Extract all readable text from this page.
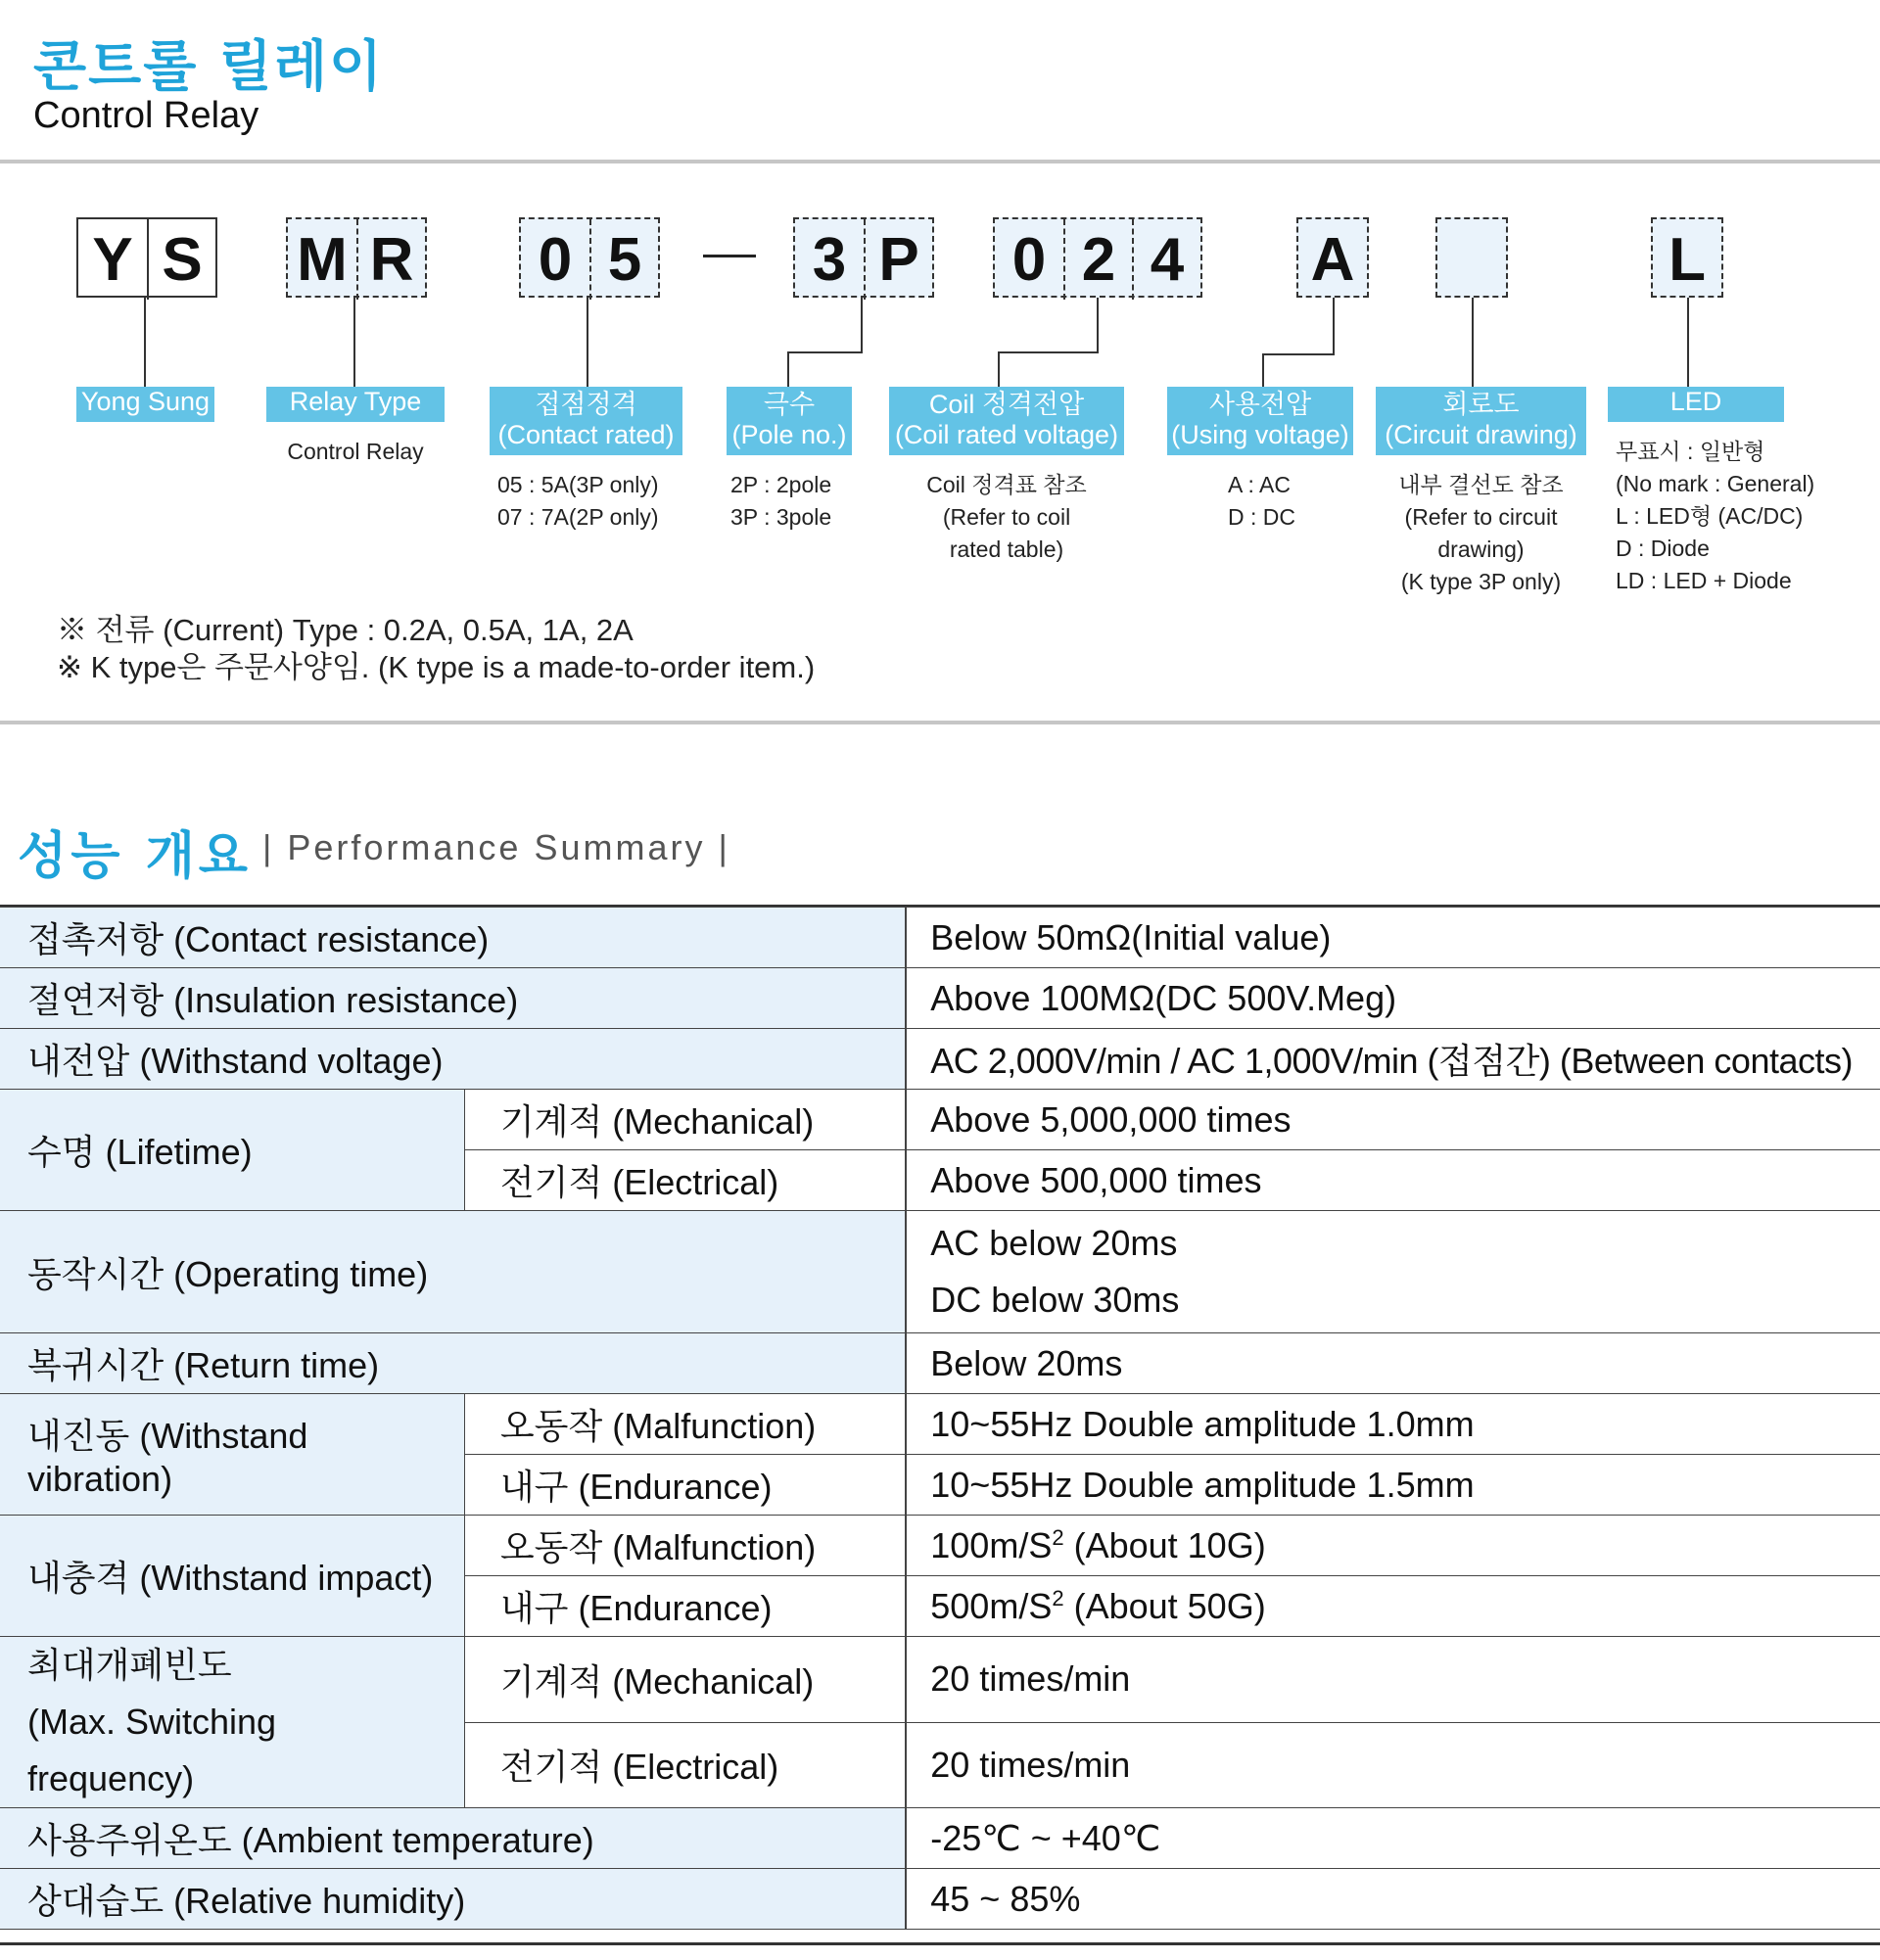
콘트롤 릴레이
Control Relay
Y S M R 0 5	3 P 0 2 4 A	L
Yong Sung	Relay Type	접점정격
(Contact rated)
극수
(Pole no.)
Coil 정격전압
(Coil rated voltage)
사용전압
(Using voltage)
회로도
(Circuit drawing)
LED
Control Relay
05 : 5A(3P only)
07 : 7A(2P only)
2P : 2pole
3P : 3pole
Coil 정격표 참조
(Refer to coil
rated table)
A : AC
D : DC
내부 결선도 참조
(Refer to circuit
drawing)
(K type 3P only)
무표시 : 일반형
(No mark : General)
L : LED형 (AC/DC)
D : Diode
LD : LED + Diode
※ 전류 (Current) Type : 0.2A, 0.5A, 1A, 2A
※ K type은 주문사양임. (K type is a made-to-order item.)
성능 개요 | Performance Summary |
접촉저항 (Contact resistance)		Below 50mΩ(Initial value)
절연저항 (Insulation resistance)		Above 100MΩ(DC 500V.Meg)
내전압 (Withstand voltage)		AC 2,000V/min / AC 1,000V/min (접점간) (Between contacts)
수명 (Lifetime)	기계적 (Mechanical)	Above 5,000,000 times
	전기적 (Electrical)	Above 500,000 times
동작시간 (Operating time)		AC below 20ms
DC below 30ms

복귀시간 (Return time)		Below 20ms
내진동 (Withstand vibration)	오동작 (Malfunction)	10~55Hz Double amplitude 1.0mm
	내구 (Endurance)	10~55Hz Double amplitude 1.5mm
내충격 (Withstand impact)	오동작 (Malfunction)	$100m/S^2$ (About 10G)
	내구 (Endurance)	$500m/S^2$ (About 50G)

최대개폐빈도
(Max. Switching frequency)	기계적 (Mechanical)	20 times/min
	전기적 (Electrical)	20 times/min
사용주위온도 (Ambient temperature)		-25℃ ~ +40℃
상대습도 (Relative humidity)		45 ~ 85%
